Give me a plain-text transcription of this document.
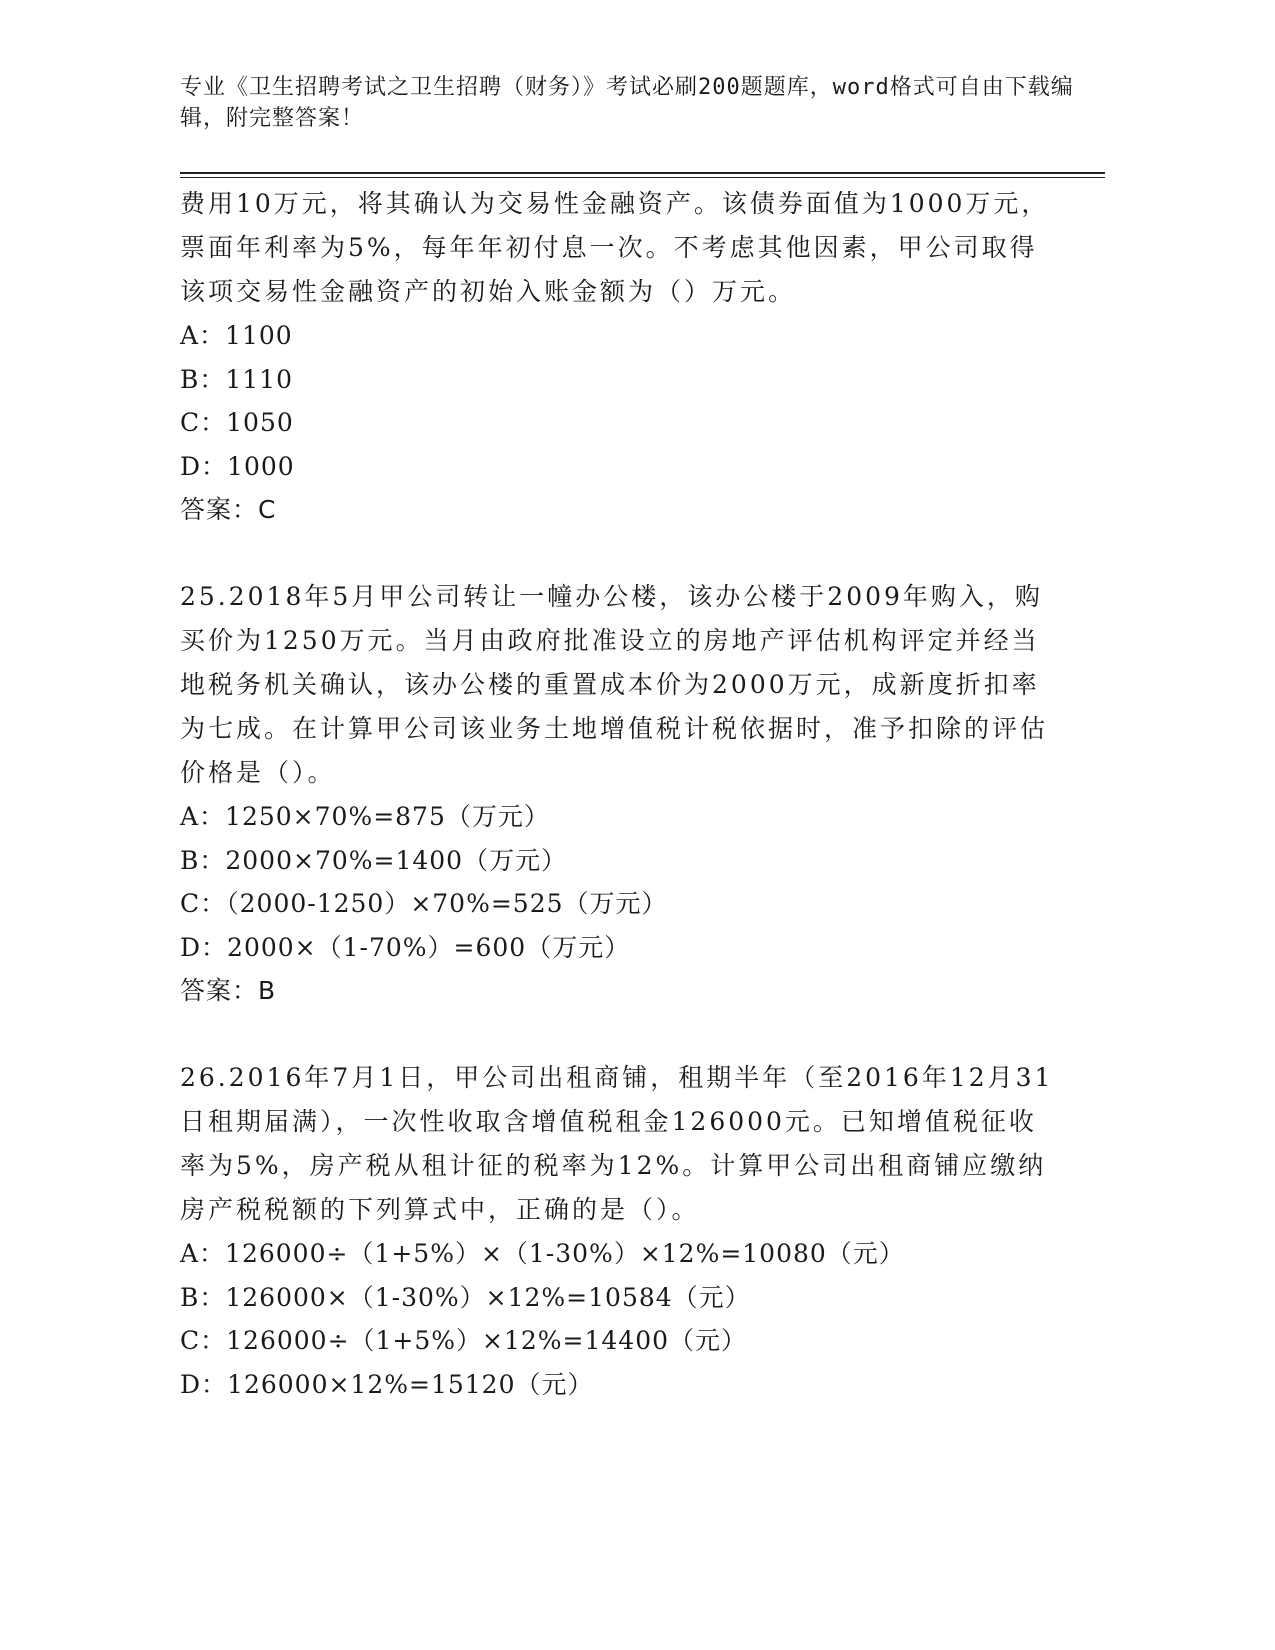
专业《卫生招聘考试之卫生招聘（财务）》考试必刷200题题库，word格式可自由下载编辑，附完整答案！

费用10万元，将其确认为交易性金融资产。该债券面值为1000万元，票面年利率为5%，每年年初付息一次。不考虑其他因素，甲公司取得该项交易性金融资产的初始入账金额为（）万元。

A：1100

B：1110

C：1050

D：1000

答案：C

25.2018年5月甲公司转让一幢办公楼，该办公楼于2009年购入，购买价为1250万元。当月由政府批准设立的房地产评估机构评定并经当地税务机关确认，该办公楼的重置成本价为2000万元，成新度折扣率为七成。在计算甲公司该业务土地增值税计税依据时，准予扣除的评估价格是（）。

A：1250×70%=875（万元）

B：2000×70%=1400（万元）

C：（2000-1250）×70%=525（万元）

D：2000×（1-70%）=600（万元）

答案：B

26.2016年7月1日，甲公司出租商铺，租期半年（至2016年12月31日租期届满），一次性收取含增值税租金126000元。已知增值税征收率为5%，房产税从租计征的税率为12%。计算甲公司出租商铺应缴纳房产税税额的下列算式中，正确的是（）。

A：126000÷（1+5%）×（1-30%）×12%=10080（元）

B：126000×（1-30%）×12%=10584（元）

C：126000÷（1+5%）×12%=14400（元）

D：126000×12%=15120（元）
